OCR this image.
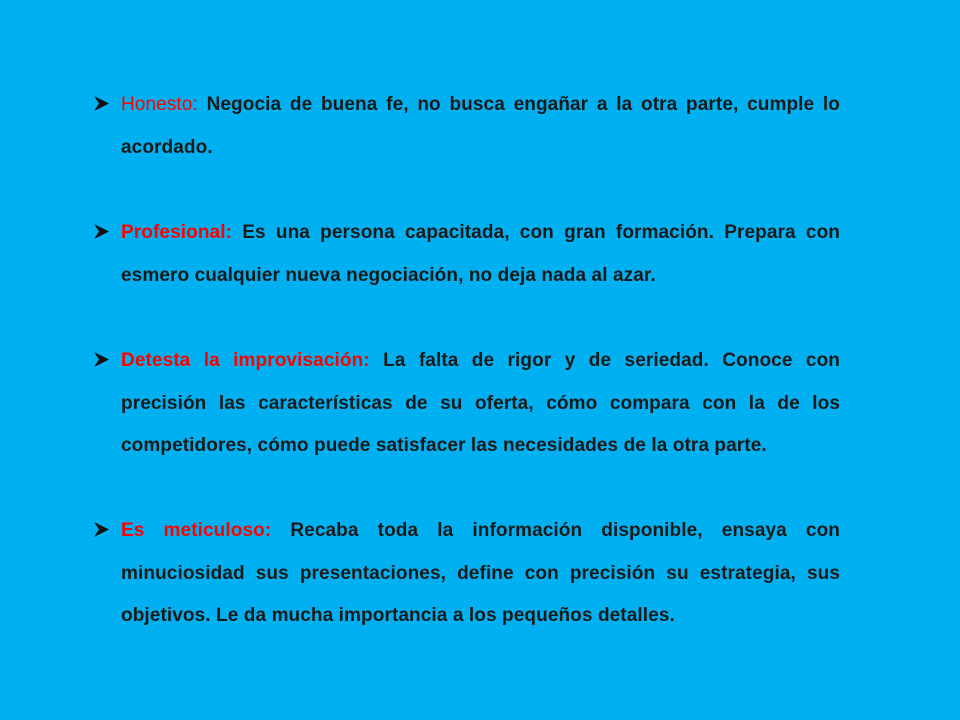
Honesto: Negocia de buena fe, no busca engañar a la otra parte, cumple lo acordado.

Profesional: Es una persona capacitada, con gran formación. Prepara con esmero cualquier nueva negociación, no deja nada al azar.

Detesta la improvisación: La falta de rigor y de seriedad. Conoce con precisión las características de su oferta, cómo compara con la de los competidores, cómo puede satisfacer las necesidades de la otra parte.

Es meticuloso: Recaba toda la información disponible, ensaya con minuciosidad sus presentaciones, define con precisión su estrategia, sus objetivos. Le da mucha importancia a los pequeños detalles.
